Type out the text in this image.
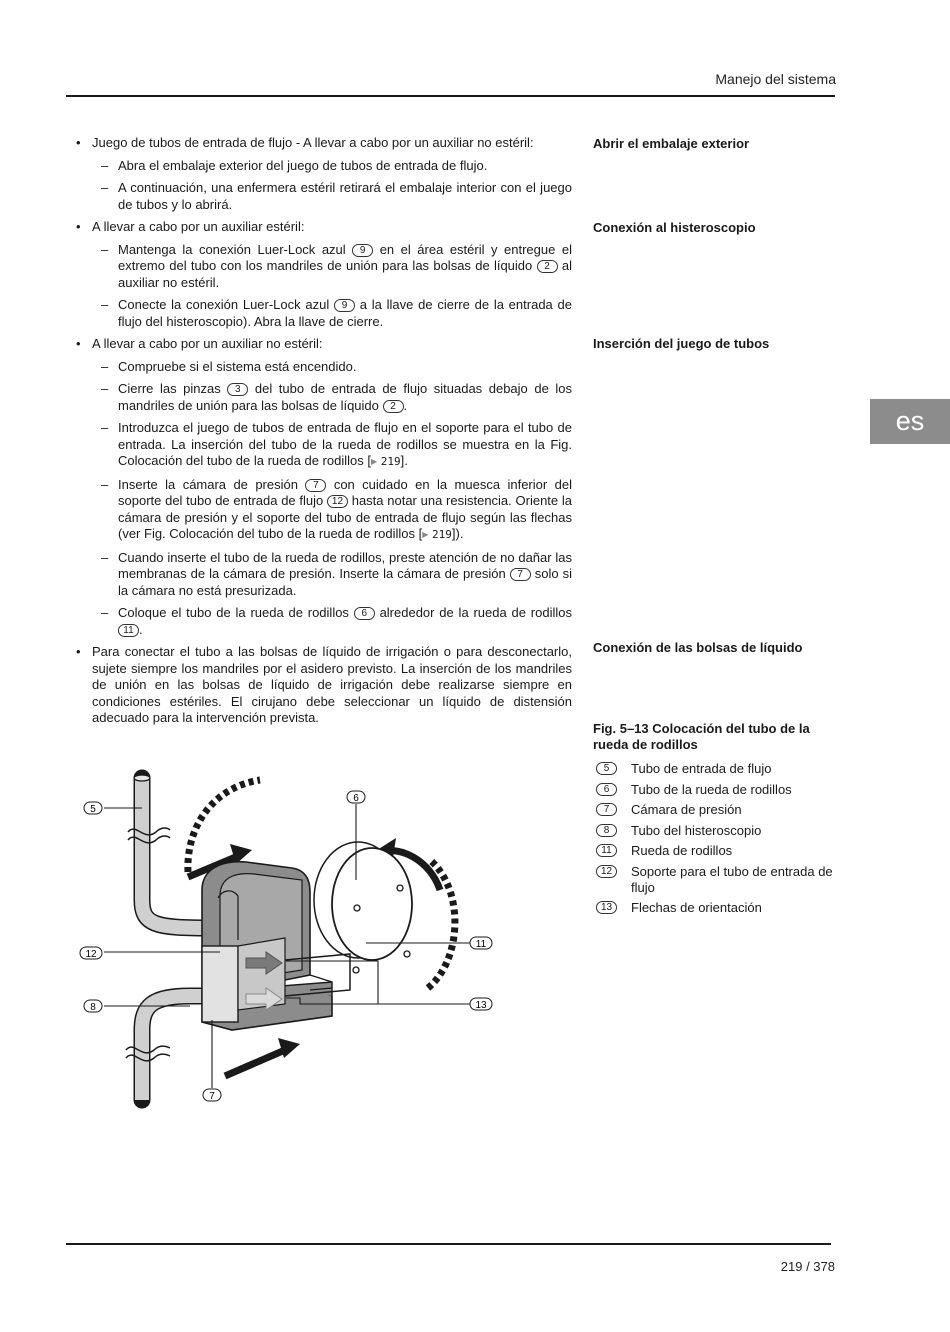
Manejo del sistema
es
• Juego de tubos de entrada de flujo - A llevar a cabo por un auxiliar no estéril:
– Abra el embalaje exterior del juego de tubos de entrada de flujo.
– A continuación, una enfermera estéril retirará el embalaje interior con el juego de tubos y lo abrirá.
• A llevar a cabo por un auxiliar estéril:
– Mantenga la conexión Luer-Lock azul 9 en el área estéril y entregue el extremo del tubo con los mandriles de unión para las bolsas de líquido 2 al auxiliar no estéril.
– Conecte la conexión Luer-Lock azul 9 a la llave de cierre de la entrada de flujo del histeroscopio). Abra la llave de cierre.
• A llevar a cabo por un auxiliar no estéril:
– Compruebe si el sistema está encendido.
– Cierre las pinzas 3 del tubo de entrada de flujo situadas debajo de los mandriles de unión para las bolsas de líquido 2 .
– Introduzca el juego de tubos de entrada de flujo en el soporte para el tubo de entrada. La inserción del tubo de la rueda de rodillos se muestra en la Fig. Colocación del tubo de la rueda de rodillos [▶ 219].
– Inserte la cámara de presión 7 con cuidado en la muesca inferior del soporte del tubo de entrada de flujo 12 hasta notar una resistencia. Oriente la cámara de presión y el soporte del tubo de entrada de flujo según las flechas (ver Fig. Colocación del tubo de la rueda de rodillos [▶ 219]).
– Cuando inserte el tubo de la rueda de rodillos, preste atención de no dañar las membranas de la cámara de presión. Inserte la cámara de presión 7 solo si la cámara no está presurizada.
– Coloque el tubo de la rueda de rodillos 6 alrededor de la rueda de rodillos 11 .
• Para conectar el tubo a las bolsas de líquido de irrigación o para desconectarlo, sujete siempre los mandriles por el asidero previsto. La inserción de los mandriles de unión en las bolsas de líquido de irrigación debe realizarse siempre en condiciones estériles. El cirujano debe seleccionar un líquido de distensión adecuado para la intervención prevista.
Abrir el embalaje exterior
Conexión al histeroscopio
Inserción del juego de tubos
Conexión de las bolsas de líquido
Fig. 5–13 Colocación del tubo de la rueda de rodillos
5	Tubo de entrada de flujo
6	Tubo de la rueda de rodillos
7	Cámara de presión
8	Tubo del histeroscopio
11	Rueda de rodillos
12	Soporte para el tubo de entrada de flujo
13	Flechas de orientación
5
6
12
11
8	13
7
219 / 378
